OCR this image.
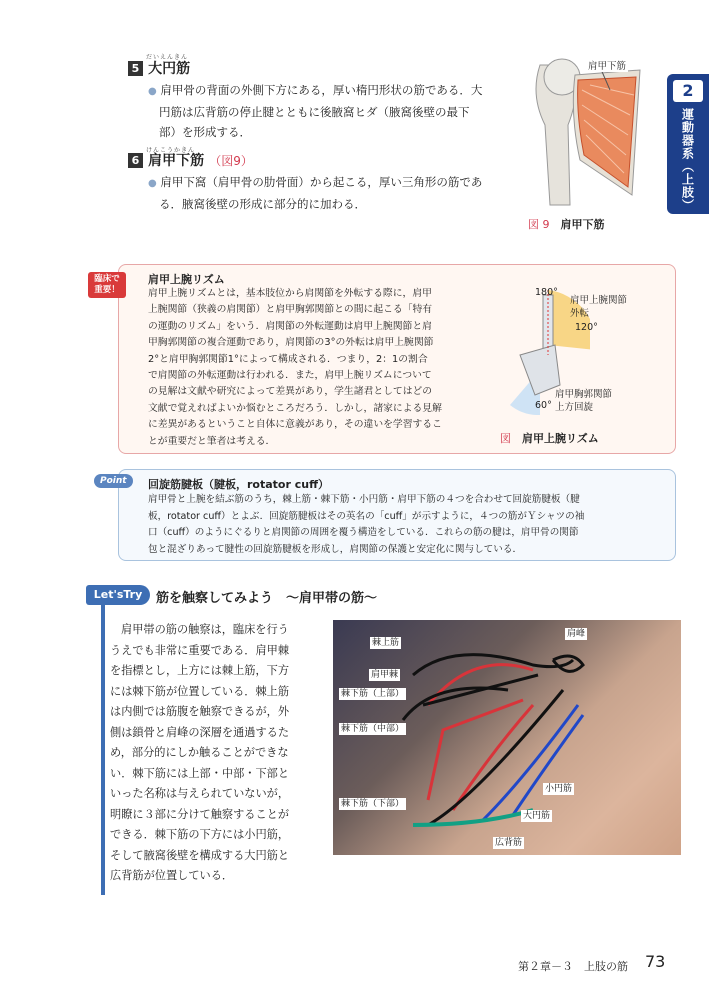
2
運動器系（上肢）
だいえんきん
5 大円筋
● 肩甲骨の背面の外側下方にある，厚い楕円形状の筋である．大
円筋は広背筋の停止腱とともに後腋窩ヒダ（腋窩後壁の最下
部）を形成する．
けんこうかきん
6 肩甲下筋 （図9）
● 肩甲下窩（肩甲骨の肋骨面）から起こる，厚い三角形の筋であ
る．腋窩後壁の形成に部分的に加わる．
肩甲下筋
図 9　 肩甲下筋
臨床で
重要！
肩甲上腕リズム
肩甲上腕リズムとは，基本肢位から肩関節を外転する際に，肩甲
上腕関節（狭義の肩関節）と肩甲胸郭関節との間に起こる「特有
の運動のリズム」をいう．肩関節の外転運動は肩甲上腕関節と肩
甲胸郭関節の複合運動であり，肩関節の3°の外転は肩甲上腕関節
2°と肩甲胸郭関節1°によって構成される．つまり，2：1の割合
で肩関節の外転運動は行われる．また，肩甲上腕リズムについて
の見解は文献や研究によって差異があり，学生諸君としてはどの
文献で覚えればよいか悩むところだろう．しかし，諸家による見解
に差異があるということ自体に意義があり，その違いを学習するこ
とが重要だと筆者は考える．
180°
120°
60°
肩甲上腕関節
外転
肩甲胸郭関節
上方回旋
図　 肩甲上腕リズム
Point	回旋筋腱板（腱板，rotator cuff）
肩甲骨と上腕を結ぶ筋のうち，棘上筋・棘下筋・小円筋・肩甲下筋の４つを合わせて回旋筋腱板（腱
板，rotator cuff）とよぶ．回旋筋腱板はその英名の「cuff」が示すように，４つの筋がＹシャツの袖
口（cuff）のようにぐるりと肩関節の周囲を覆う構造をしている．これらの筋の腱は，肩甲骨の関節
包と混ざりあって腱性の回旋筋腱板を形成し，肩関節の保護と安定化に関与している．
Let'sTry	筋を触察してみよう　～肩甲帯の筋～
肩甲帯の筋の触察は，臨床を行う
うえでも非常に重要である．肩甲棘
を指標とし，上方には棘上筋，下方
には棘下筋が位置している．棘上筋
は内側では筋腹を触察できるが，外
側は鎖骨と肩峰の深層を通過するた
め，部分的にしか触ることができな
い．棘下筋には上部・中部・下部と
いった名称は与えられていないが，
明瞭に３部に分けて触察することが
できる．棘下筋の下方には小円筋，
そして腋窩後壁を構成する大円筋と
広背筋が位置している．
肩峰
棘上筋
肩甲棘
棘下筋（上部）
棘下筋（中部）
棘下筋（下部）
小円筋
大円筋
広背筋
第２章－３　上肢の筋 73
